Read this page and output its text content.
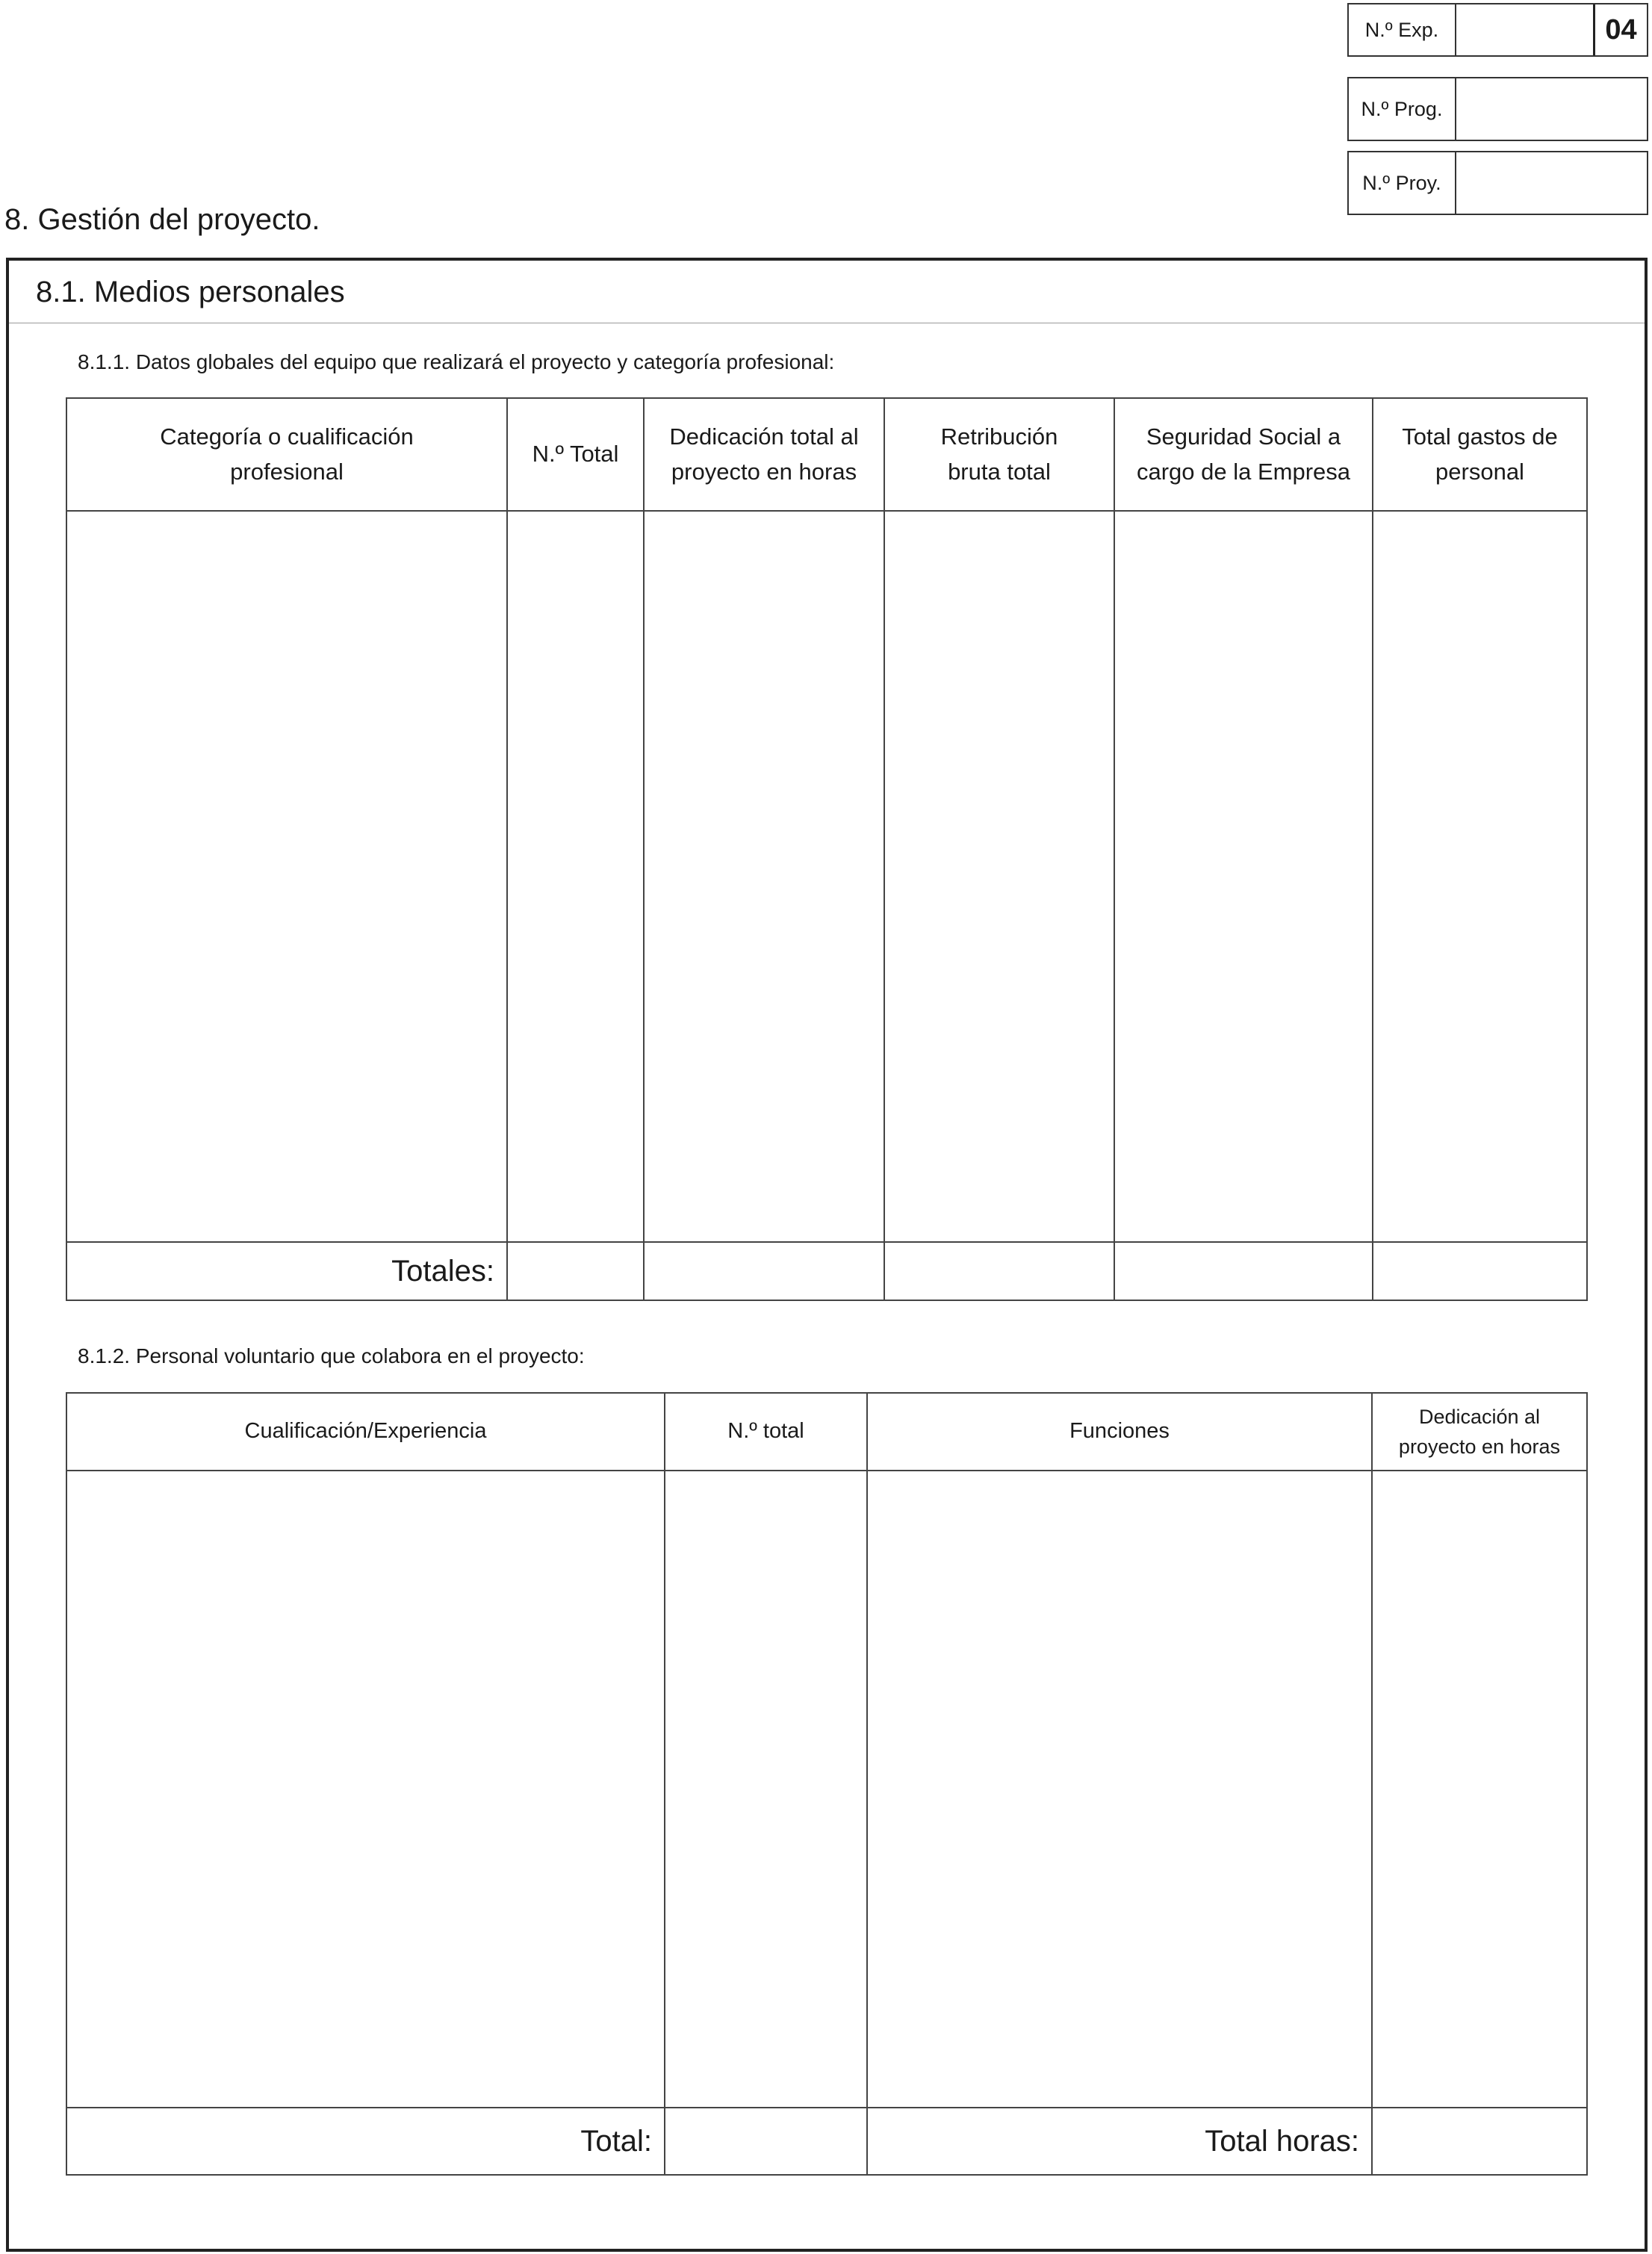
N.º Exp.	04
N.º Prog.
N.º Proy.
8. Gestión del proyecto.
8.1. Medios personales
8.1.1. Datos globales del equipo que realizará el proyecto y categoría profesional:
Categoría o cualificación profesional	N.º Total	Dedicación total al proyecto en horas	Retribución bruta total	Seguridad Social a cargo de la Empresa	Total gastos de personal

Totales:					
8.1.2. Personal voluntario que colabora en el proyecto:
Cualificación/Experiencia	N.º total	Funciones	Dedicación al proyecto en horas

Total:		Total horas:	
